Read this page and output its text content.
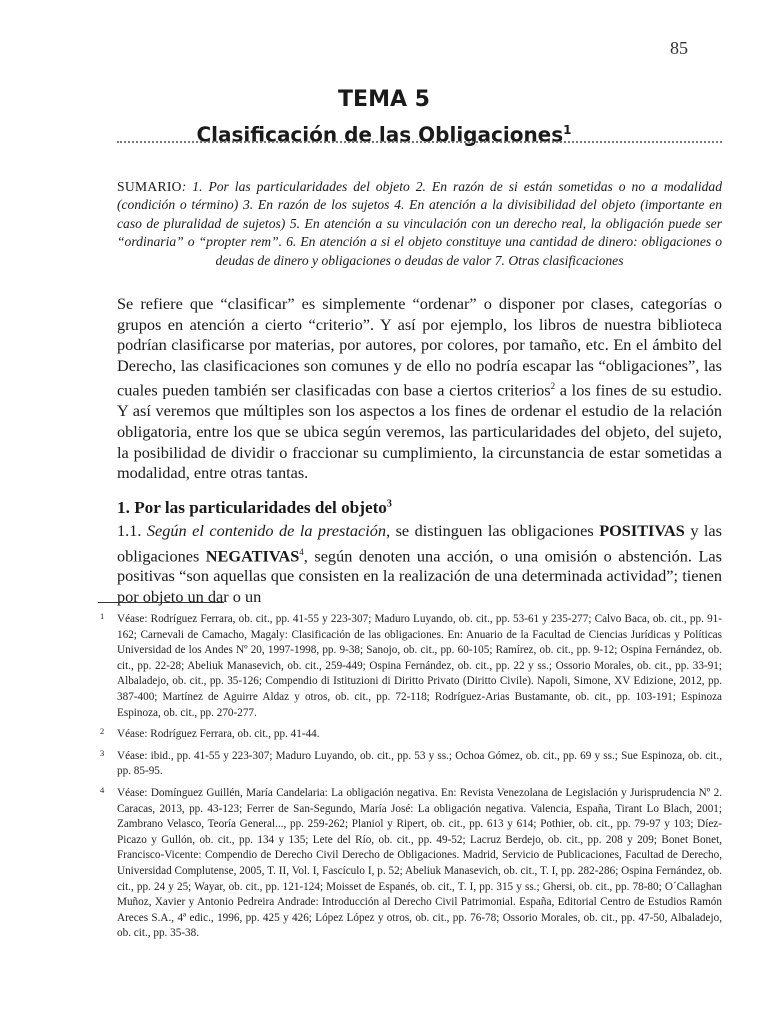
85
TEMA 5
Clasificación de las Obligaciones$^1$

SUMARIO: 1. Por las particularidades del objeto 2. En razón de si están sometidas o no a modalidad (condición o término) 3. En razón de los sujetos 4. En atención a la divisibilidad del objeto (importante en caso de pluralidad de sujetos) 5. En atención a su vinculación con un derecho real, la obligación puede ser “ordinaria” o “propter rem”. 6. En atención a si el objeto constituye una cantidad de dinero: obligaciones o deudas de dinero y obligaciones o deudas de valor 7. Otras clasificaciones

Se refiere que “clasificar” es simplemente “ordenar” o disponer por clases, categorías o grupos en atención a cierto “criterio”. Y así por ejemplo, los libros de nuestra biblioteca podrían clasificarse por materias, por autores, por colores, por tamaño, etc. En el ámbito del Derecho, las clasificaciones son comunes y de ello no podría escapar las “obligaciones”, las cuales pueden también ser clasificadas con base a ciertos criterios$^2$ a los fines de su estudio. Y así veremos que múltiples son los aspectos a los fines de ordenar el estudio de la relación obligatoria, entre los que se ubica según veremos, las particularidades del objeto, del sujeto, la posibilidad de dividir o fraccionar su cumplimiento, la circunstancia de estar sometidas a modalidad, entre otras tantas.

1. Por las particularidades del objeto$^3$

1.1. Según el contenido de la prestación, se distinguen las obligaciones POSITIVAS y las obligaciones NEGATIVAS$^4$, según denoten una acción, o una omisión o abstención. Las positivas “son aquellas que consisten en la realización de una determinada actividad”; tienen por objeto un dar o un

1 Véase: Rodríguez Ferrara, ob. cit., pp. 41-55 y 223-307; Maduro Luyando, ob. cit., pp. 53-61 y 235-277; Calvo Baca, ob. cit., pp. 91-162; Carnevali de Camacho, Magaly: Clasificación de las obligaciones. En: Anuario de la Facultad de Ciencias Jurídicas y Políticas Universidad de los Andes Nº 20, 1997-1998, pp. 9-38; Sanojo, ob. cit., pp. 60-105; Ramírez, ob. cit., pp. 9-12; Ospina Fernández, ob. cit., pp. 22-28; Abeliuk Manasevich, ob. cit., 259-449; Ospina Fernández, ob. cit., pp. 22 y ss.; Ossorio Morales, ob. cit., pp. 33-91; Albaladejo, ob. cit., pp. 35-126; Compendio di Istituzioni di Diritto Privato (Diritto Civile). Napoli, Simone, XV Edizione, 2012, pp. 387-400; Martínez de Aguirre Aldaz y otros, ob. cit., pp. 72-118; Rodríguez-Arias Bustamante, ob. cit., pp. 103-191; Espinoza Espinoza, ob. cit., pp. 270-277.
2 Véase: Rodríguez Ferrara, ob. cit., pp. 41-44.
3 Véase: ibid., pp. 41-55 y 223-307; Maduro Luyando, ob. cit., pp. 53 y ss.; Ochoa Gómez, ob. cit., pp. 69 y ss.; Sue Espinoza, ob. cit., pp. 85-95.
4 Véase: Domínguez Guillén, María Candelaria: La obligación negativa. En: Revista Venezolana de Legislación y Jurisprudencia Nº 2. Caracas, 2013, pp. 43-123; Ferrer de San-Segundo, María José: La obligación negativa. Valencia, España, Tirant Lo Blach, 2001; Zambrano Velasco, Teoría General..., pp. 259-262; Planiol y Ripert, ob. cit., pp. 613 y 614; Pothier, ob. cit., pp. 79-97 y 103; Díez-Picazo y Gullón, ob. cit., pp. 134 y 135; Lete del Río, ob. cit., pp. 49-52; Lacruz Berdejo, ob. cit., pp. 208 y 209; Bonet Bonet, Francisco-Vicente: Compendio de Derecho Civil Derecho de Obligaciones. Madrid, Servicio de Publicaciones, Facultad de Derecho, Universidad Complutense, 2005, T. II, Vol. I, Fascículo I, p. 52; Abeliuk Manasevich, ob. cit., T. I, pp. 282-286; Ospina Fernández, ob. cit., pp. 24 y 25; Wayar, ob. cit., pp. 121-124; Moisset de Espanés, ob. cit., T. I, pp. 315 y ss.; Ghersi, ob. cit., pp. 78-80; O´Callaghan Muñoz, Xavier y Antonio Pedreira Andrade: Introducción al Derecho Civil Patrimonial. España, Editorial Centro de Estudios Ramón Areces S.A., 4ª edic., 1996, pp. 425 y 426; López López y otros, ob. cit., pp. 76-78; Ossorio Morales, ob. cit., pp. 47-50, Albaladejo, ob. cit., pp. 35-38.
